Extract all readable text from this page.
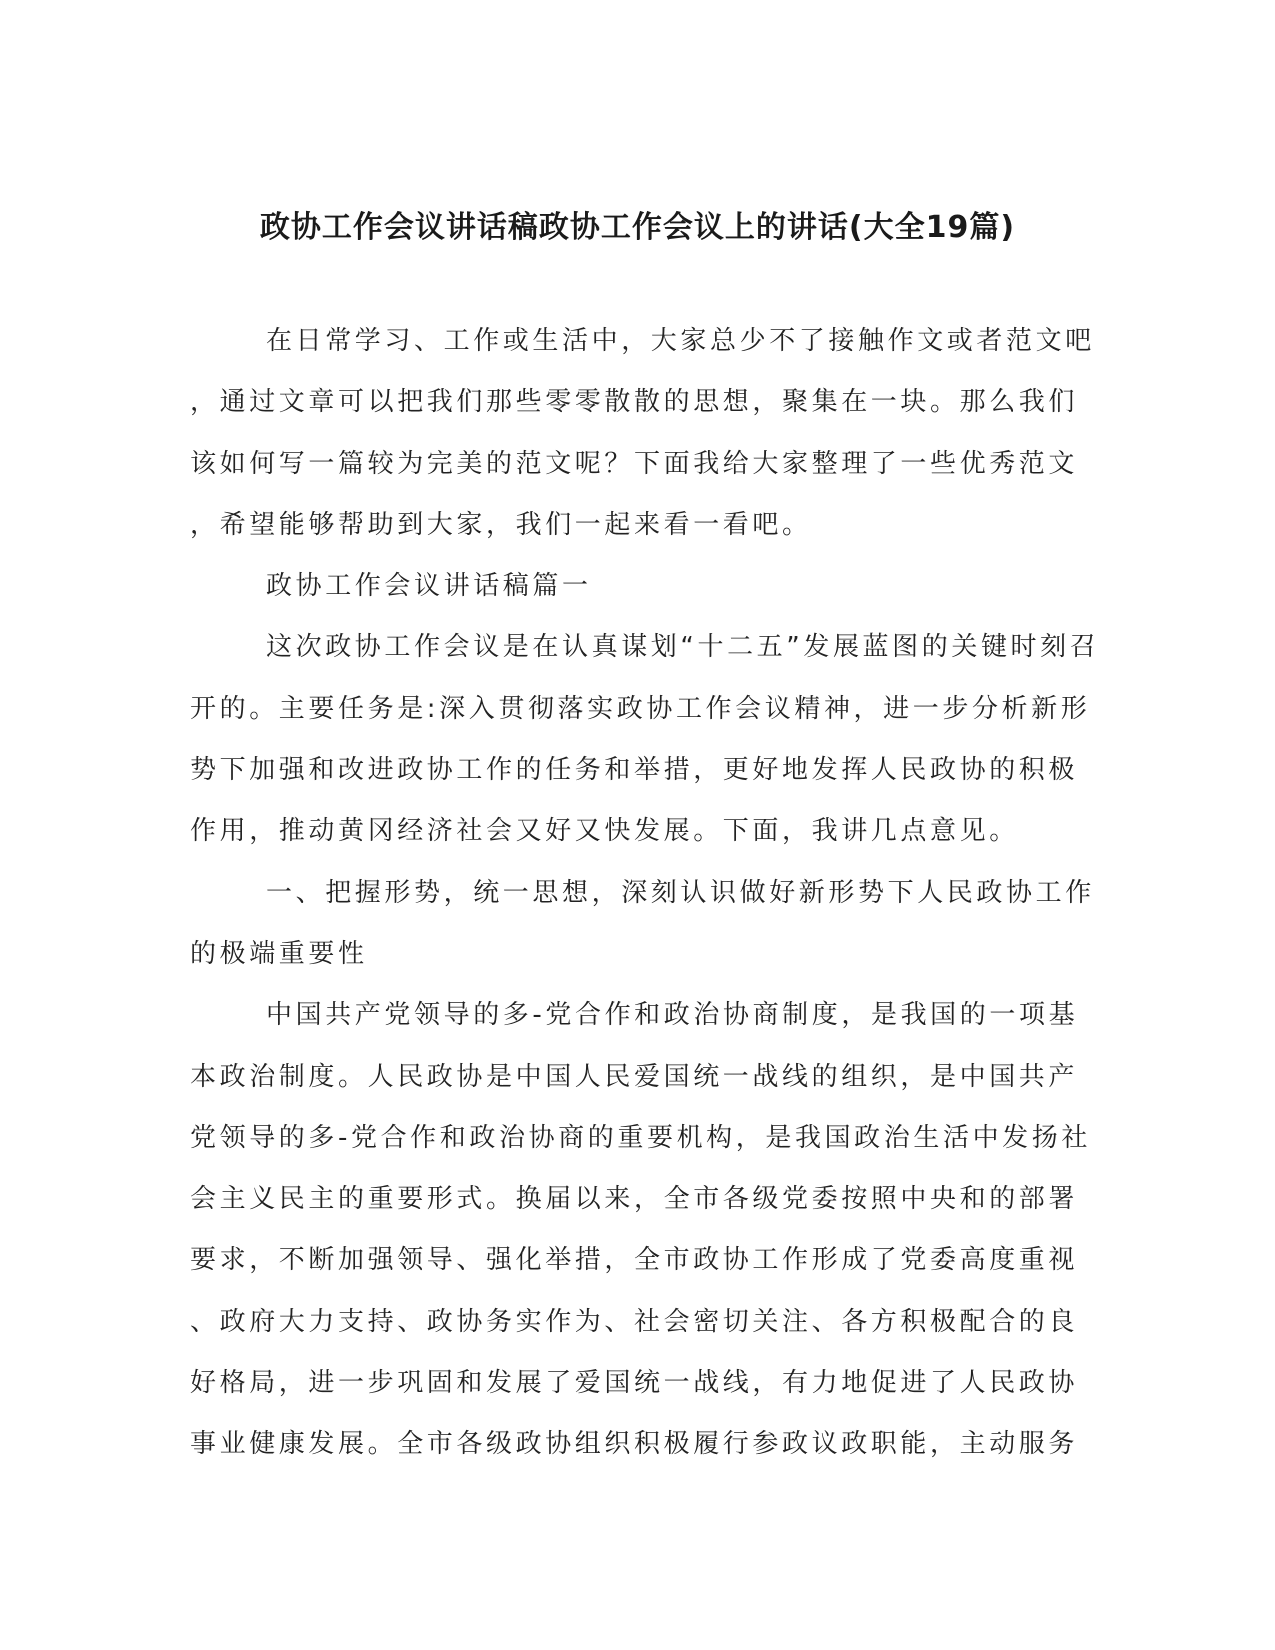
政协工作会议讲话稿政协工作会议上的讲话(大全19篇)
在日常学习、工作或生活中，大家总少不了接触作文或者范文吧
，通过文章可以把我们那些零零散散的思想，聚集在一块。那么我们
该如何写一篇较为完美的范文呢？下面我给大家整理了一些优秀范文
，希望能够帮助到大家，我们一起来看一看吧。
政协工作会议讲话稿篇一
这次政协工作会议是在认真谋划“十二五”发展蓝图的关键时刻召
开的。主要任务是:深入贯彻落实政协工作会议精神，进一步分析新形
势下加强和改进政协工作的任务和举措，更好地发挥人民政协的积极
作用，推动黄冈经济社会又好又快发展。下面，我讲几点意见。
一、把握形势，统一思想，深刻认识做好新形势下人民政协工作
的极端重要性
中国共产党领导的多-党合作和政治协商制度，是我国的一项基
本政治制度。人民政协是中国人民爱国统一战线的组织，是中国共产
党领导的多-党合作和政治协商的重要机构，是我国政治生活中发扬社
会主义民主的重要形式。换届以来，全市各级党委按照中央和的部署
要求，不断加强领导、强化举措，全市政协工作形成了党委高度重视
、政府大力支持、政协务实作为、社会密切关注、各方积极配合的良
好格局，进一步巩固和发展了爱国统一战线，有力地促进了人民政协
事业健康发展。全市各级政协组织积极履行参政议政职能，主动服务
